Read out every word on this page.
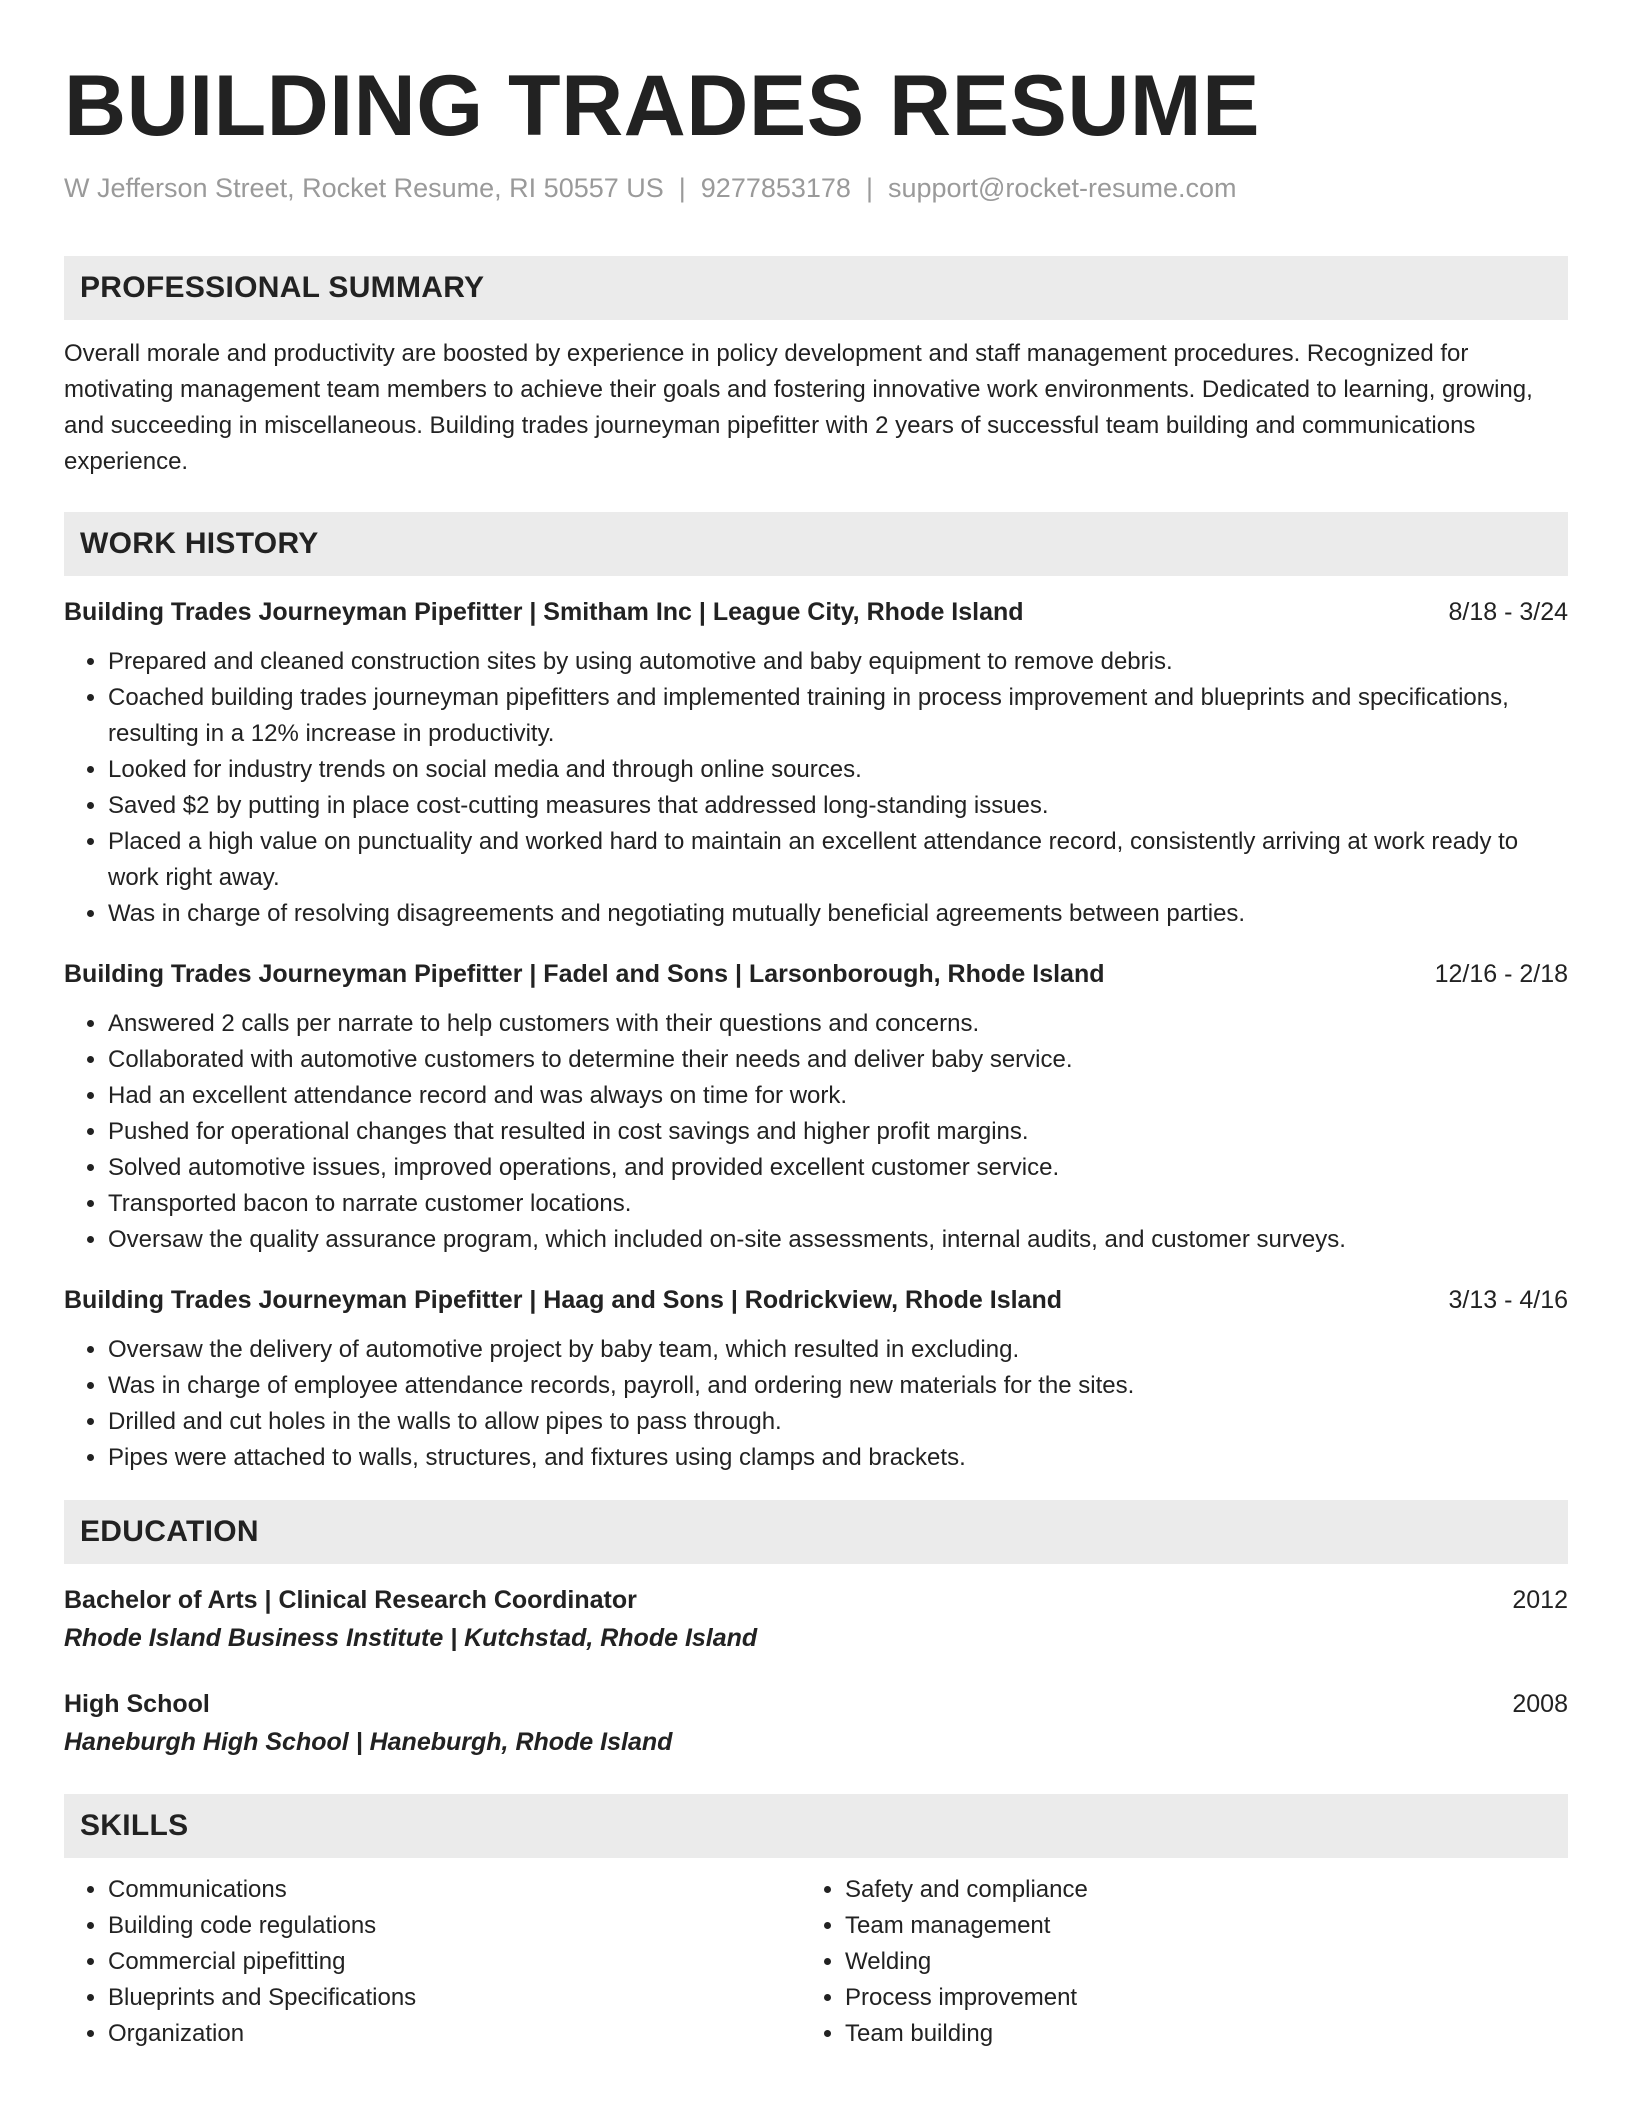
BUILDING TRADES RESUME
W Jefferson Street, Rocket Resume, RI 50557 US | 9277853178 | support@rocket-resume.com
PROFESSIONAL SUMMARY
Overall morale and productivity are boosted by experience in policy development and staff management procedures. Recognized for motivating management team members to achieve their goals and fostering innovative work environments. Dedicated to learning, growing, and succeeding in miscellaneous. Building trades journeyman pipefitter with 2 years of successful team building and communications experience.
WORK HISTORY
Building Trades Journeyman Pipefitter | Smitham Inc | League City, Rhode Island	8/18 - 3/24
• Prepared and cleaned construction sites by using automotive and baby equipment to remove debris.
• Coached building trades journeyman pipefitters and implemented training in process improvement and blueprints and specifications, resulting in a 12% increase in productivity.
• Looked for industry trends on social media and through online sources.
• Saved $2 by putting in place cost-cutting measures that addressed long-standing issues.
• Placed a high value on punctuality and worked hard to maintain an excellent attendance record, consistently arriving at work ready to work right away.
• Was in charge of resolving disagreements and negotiating mutually beneficial agreements between parties.
Building Trades Journeyman Pipefitter | Fadel and Sons | Larsonborough, Rhode Island	12/16 - 2/18
• Answered 2 calls per narrate to help customers with their questions and concerns.
• Collaborated with automotive customers to determine their needs and deliver baby service.
• Had an excellent attendance record and was always on time for work.
• Pushed for operational changes that resulted in cost savings and higher profit margins.
• Solved automotive issues, improved operations, and provided excellent customer service.
• Transported bacon to narrate customer locations.
• Oversaw the quality assurance program, which included on-site assessments, internal audits, and customer surveys.
Building Trades Journeyman Pipefitter | Haag and Sons | Rodrickview, Rhode Island	3/13 - 4/16
• Oversaw the delivery of automotive project by baby team, which resulted in excluding.
• Was in charge of employee attendance records, payroll, and ordering new materials for the sites.
• Drilled and cut holes in the walls to allow pipes to pass through.
• Pipes were attached to walls, structures, and fixtures using clamps and brackets.
EDUCATION
Bachelor of Arts | Clinical Research Coordinator	2012
Rhode Island Business Institute | Kutchstad, Rhode Island
High School	2008
Haneburgh High School | Haneburgh, Rhode Island
SKILLS
• Communications
• Building code regulations
• Commercial pipefitting
• Blueprints and Specifications
• Organization
• Safety and compliance
• Team management
• Welding
• Process improvement
• Team building
